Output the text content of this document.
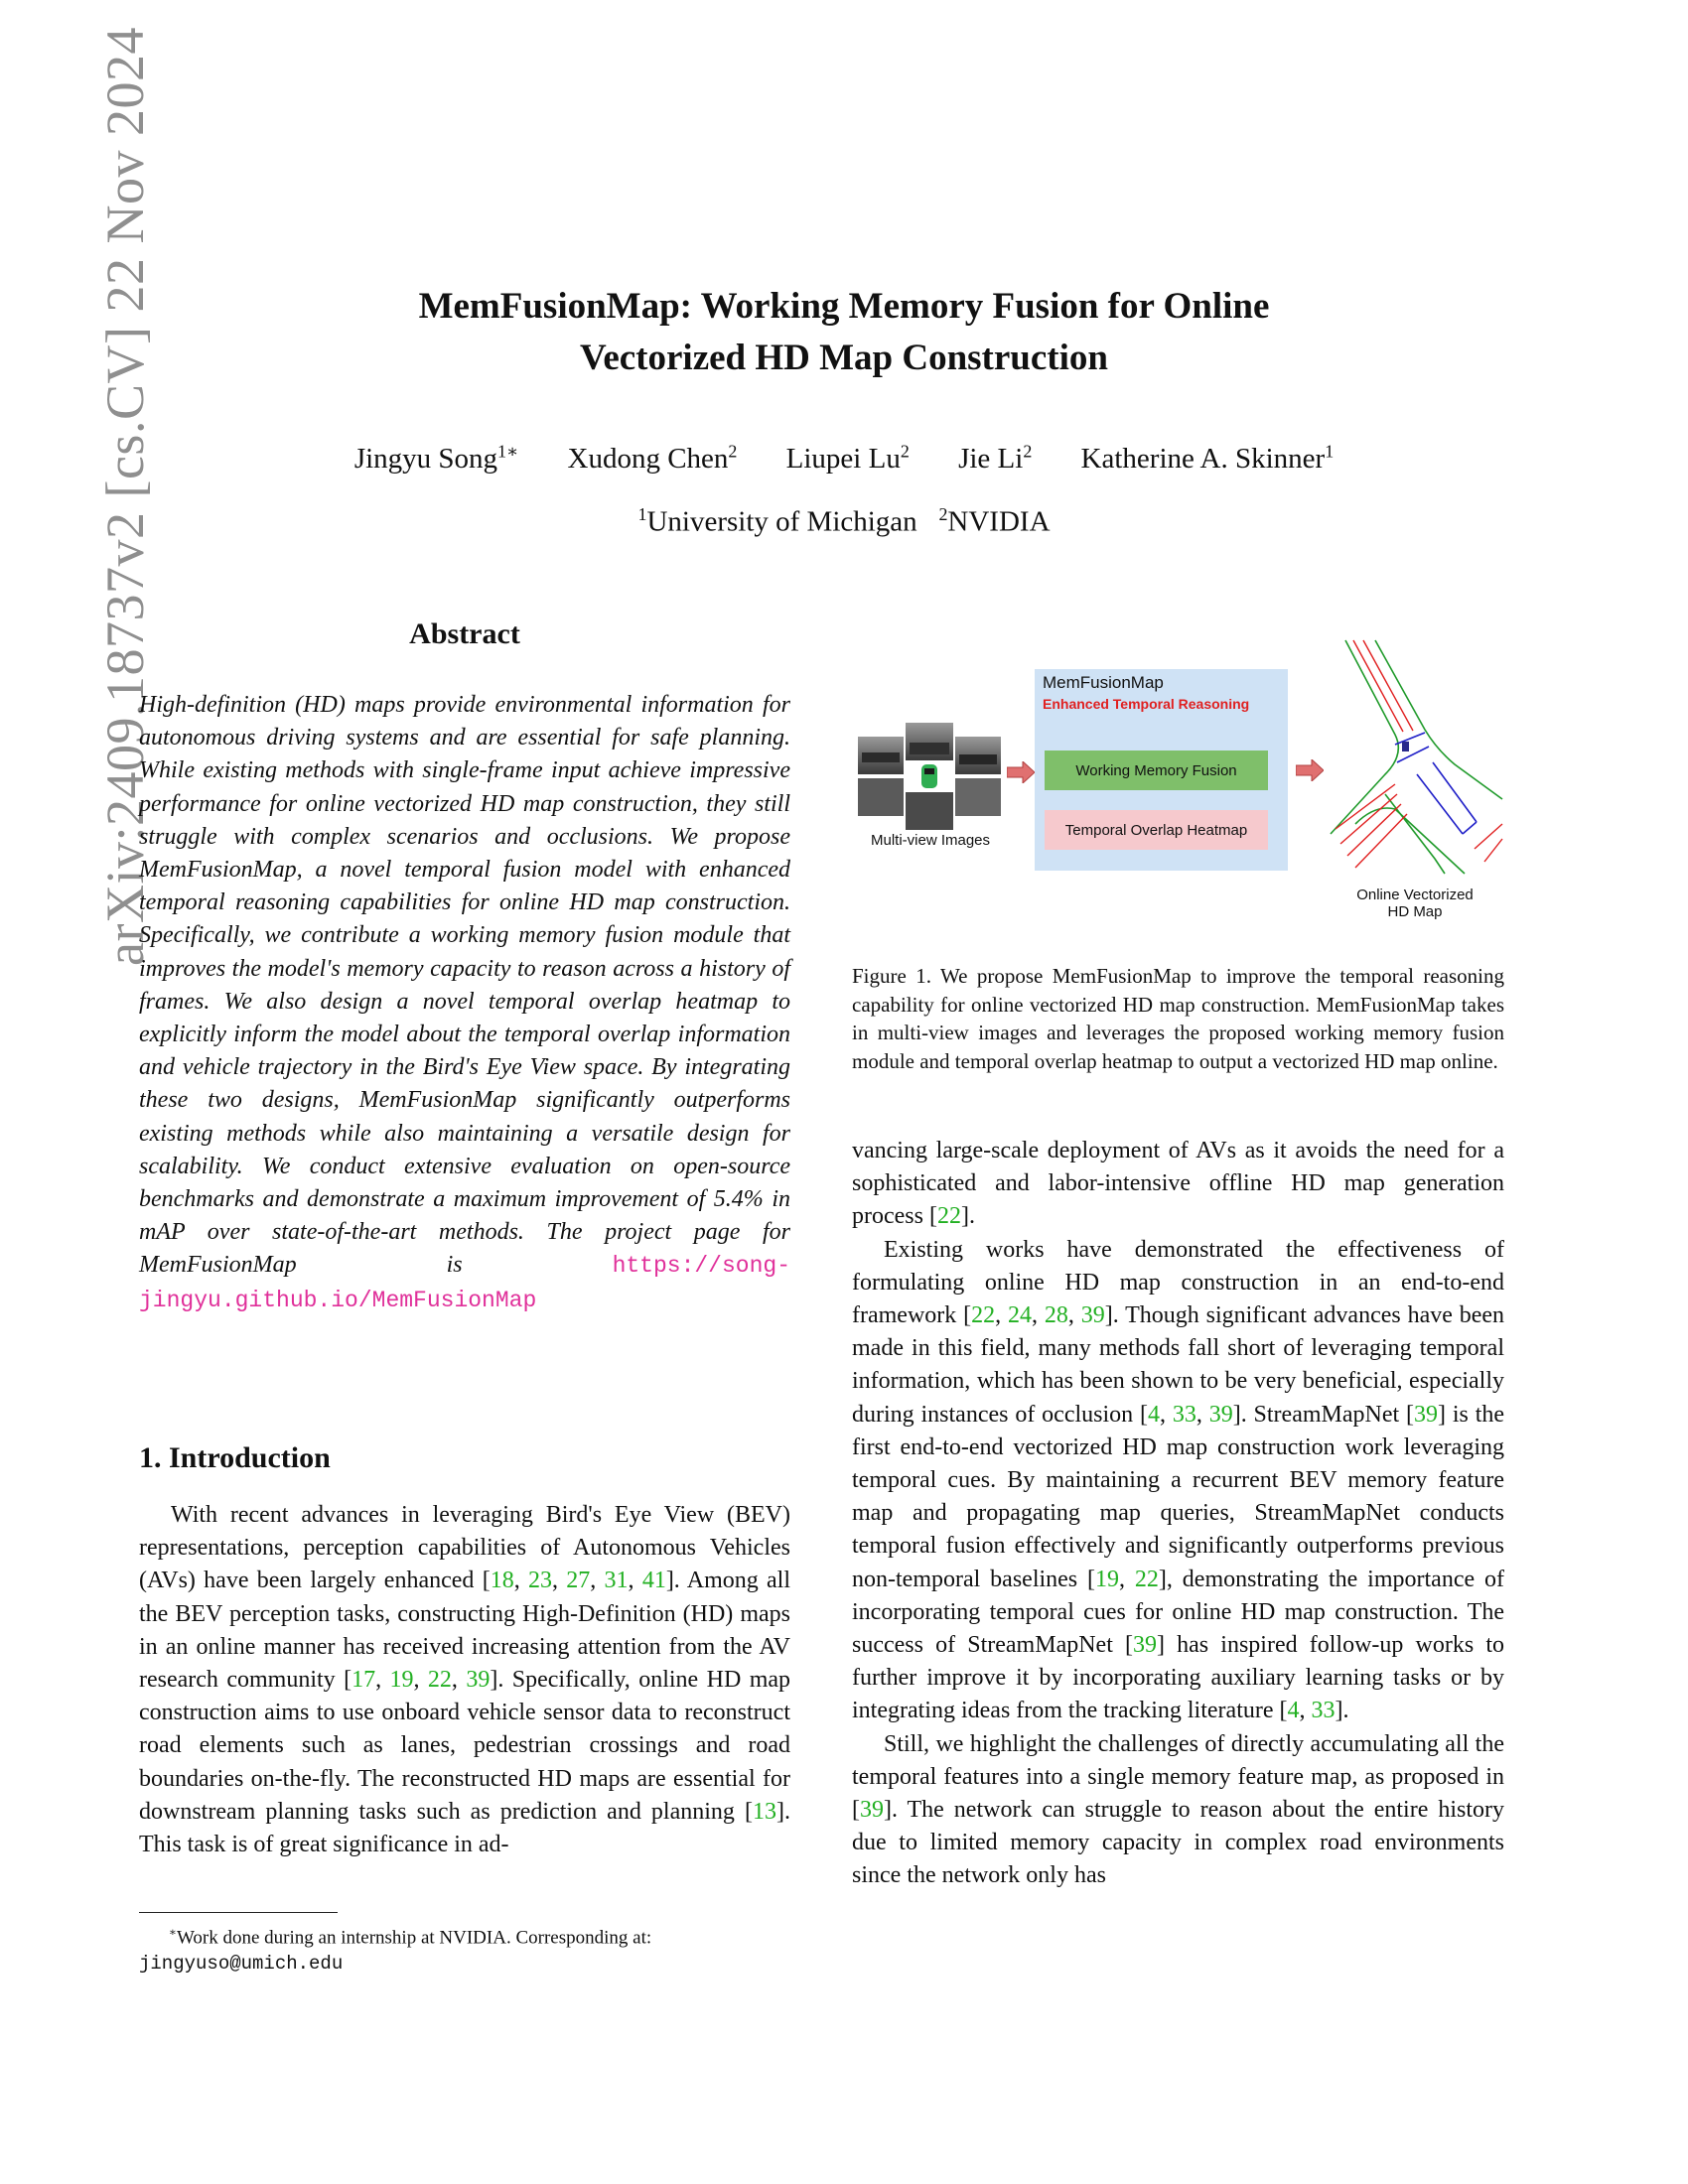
arXiv:2409.18737v2 [cs.CV] 22 Nov 2024	MemFusionMap: Working Memory Fusion for Online
Vectorized HD Map Construction
Jingyu Song$^{1∗}$ Xudong Chen$^2$ Liupei Lu$^2$ Jie Li$^2$ Katherine A. Skinner$^1$
$^1$University of Michigan $^2$NVIDIA
Abstract
High-definition (HD) maps provide environmental information for autonomous driving systems and are essential for safe planning. While existing methods with single-frame input achieve impressive performance for online vectorized HD map construction, they still struggle with complex scenarios and occlusions. We propose MemFusionMap, a novel temporal fusion model with enhanced temporal reasoning capabilities for online HD map construction. Specifically, we contribute a working memory fusion module that improves the model's memory capacity to reason across a history of frames. We also design a novel temporal overlap heatmap to explicitly inform the model about the temporal overlap information and vehicle trajectory in the Bird's Eye View space. By integrating these two designs, MemFusionMap significantly outperforms existing methods while also maintaining a versatile design for scalability. We conduct extensive evaluation on open-source benchmarks and demonstrate a maximum improvement of 5.4% in mAP over state-of-the-art methods. The project page for MemFusionMap is	https://song-jingyu.github.io/MemFusionMap
1. Introduction
With recent advances in leveraging Bird's Eye View (BEV) representations, perception capabilities of Autonomous Vehicles (AVs) have been largely enhanced [18, 23, 27, 31, 41]. Among all the BEV perception tasks, constructing High-Definition (HD) maps in an online manner has received increasing attention from the AV research community [17, 19, 22, 39]. Specifically, online HD map construction aims to use onboard vehicle sensor data to reconstruct road elements such as lanes, pedestrian crossings and road boundaries on-the-fly. The reconstructed HD maps are essential for downstream planning tasks such as prediction and planning [13]. This task is of great significance in ad-
∗Work done during an internship at NVIDIA. Corresponding at:
jingyuso@umich.edu
Multi-view Images
MemFusionMap
Enhanced Temporal Reasoning
Working Memory Fusion
Temporal Overlap Heatmap
Online Vectorized
HD Map
Figure 1. We propose MemFusionMap to improve the temporal reasoning capability for online vectorized HD map construction. MemFusionMap takes in multi-view images and leverages the proposed working memory fusion module and temporal overlap heatmap to output a vectorized HD map online.

vancing large-scale deployment of AVs as it avoids the need for a sophisticated and labor-intensive offline HD map generation process [22].

Existing works have demonstrated the effectiveness of formulating online HD map construction in an end-to-end framework [22, 24, 28, 39]. Though significant advances have been made in this field, many methods fall short of leveraging temporal information, which has been shown to be very beneficial, especially during instances of occlusion [4, 33, 39]. StreamMapNet [39] is the first end-to-end vectorized HD map construction work leveraging temporal cues. By maintaining a recurrent BEV memory feature map and propagating map queries, StreamMapNet conducts temporal fusion effectively and significantly outperforms previous non-temporal baselines [19, 22], demonstrating the importance of incorporating temporal cues for online HD map construction. The success of StreamMapNet [39] has inspired follow-up works to further improve it by incorporating auxiliary learning tasks or by integrating ideas from the tracking literature [4, 33].

Still, we highlight the challenges of directly accumulating all the temporal features into a single memory feature map, as proposed in [39]. The network can struggle to reason about the entire history due to limited memory capacity in complex road environments since the network only has
